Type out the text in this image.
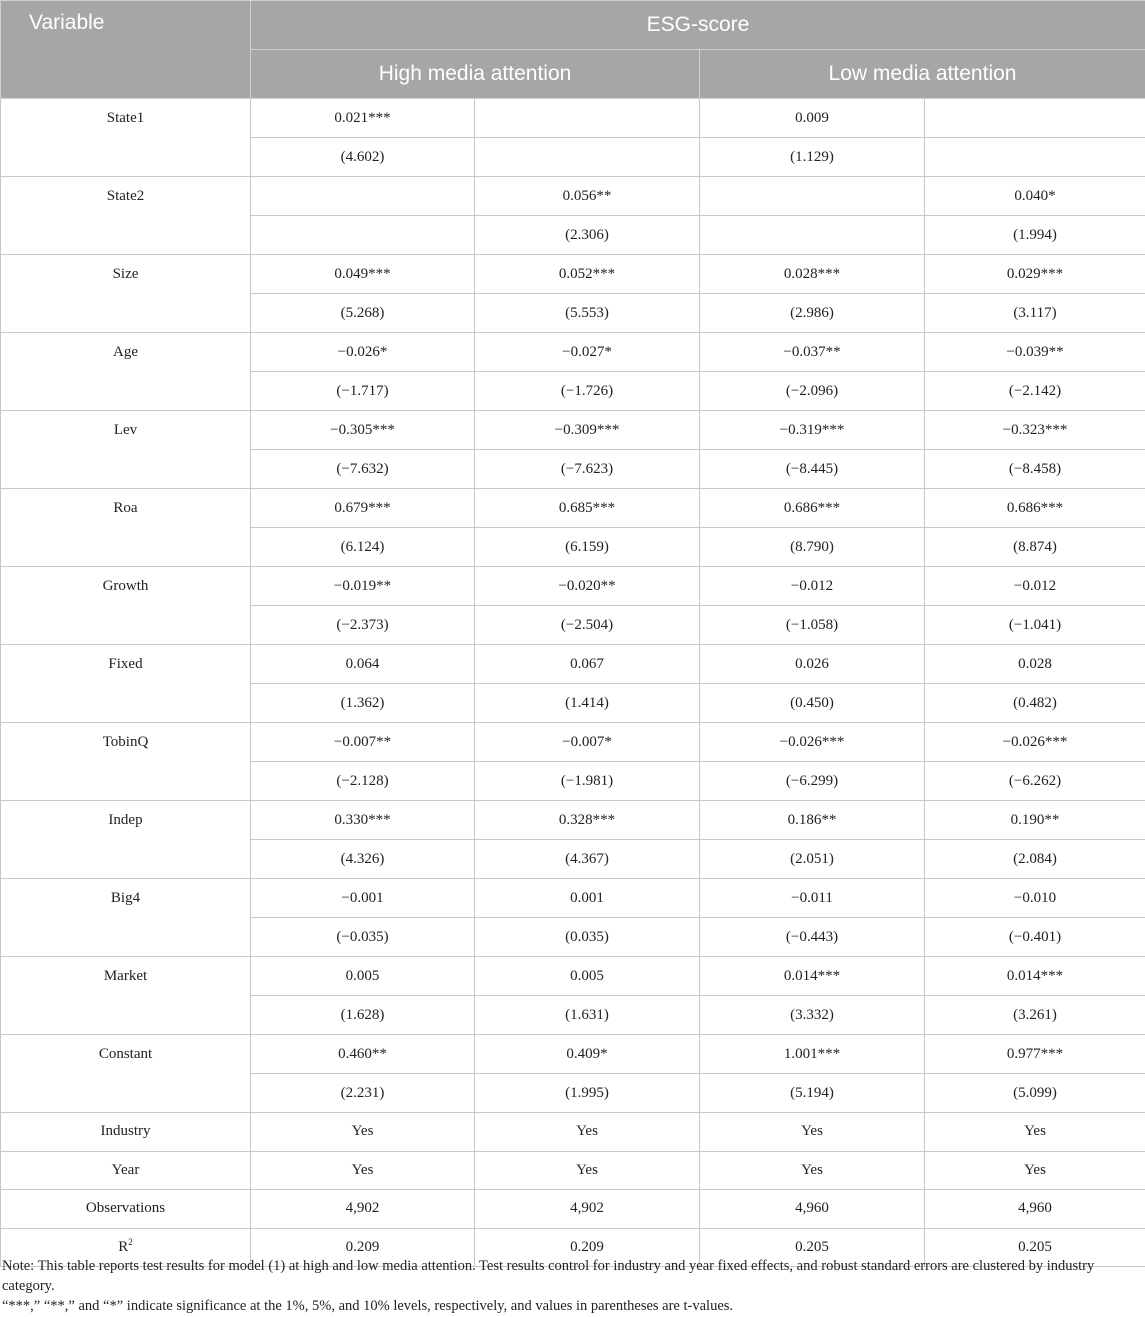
Variable	ESG-score			
	High media attention		Low media attention	
State1	0.021***		0.009	
	(4.602)		(1.129)	
State2		0.056**		0.040*
		(2.306)		(1.994)
Size	0.049***	0.052***	0.028***	0.029***
	(5.268)	(5.553)	(2.986)	(3.117)
Age	−0.026*	−0.027*	−0.037**	−0.039**
	(−1.717)	(−1.726)	(−2.096)	(−2.142)
Lev	−0.305***	−0.309***	−0.319***	−0.323***
	(−7.632)	(−7.623)	(−8.445)	(−8.458)
Roa	0.679***	0.685***	0.686***	0.686***
	(6.124)	(6.159)	(8.790)	(8.874)
Growth	−0.019**	−0.020**	−0.012	−0.012
	(−2.373)	(−2.504)	(−1.058)	(−1.041)
Fixed	0.064	0.067	0.026	0.028
	(1.362)	(1.414)	(0.450)	(0.482)
TobinQ	−0.007**	−0.007*	−0.026***	−0.026***
	(−2.128)	(−1.981)	(−6.299)	(−6.262)
Indep	0.330***	0.328***	0.186**	0.190**
	(4.326)	(4.367)	(2.051)	(2.084)
Big4	−0.001	0.001	−0.011	−0.010
	(−0.035)	(0.035)	(−0.443)	(−0.401)
Market	0.005	0.005	0.014***	0.014***
	(1.628)	(1.631)	(3.332)	(3.261)
Constant	0.460**	0.409*	1.001***	0.977***
	(2.231)	(1.995)	(5.194)	(5.099)
Industry	Yes	Yes	Yes	Yes
Year	Yes	Yes	Yes	Yes
Observations	4,902	4,902	4,960	4,960
$R^2$	0.209	0.209	0.205	0.205

Note: This table reports test results for model (1) at high and low media attention. Test results control for industry and year fixed effects, and robust standard errors are clustered by industry category.

“***,” “**,” and “*” indicate significance at the 1%, 5%, and 10% levels, respectively, and values in parentheses are t-values.
